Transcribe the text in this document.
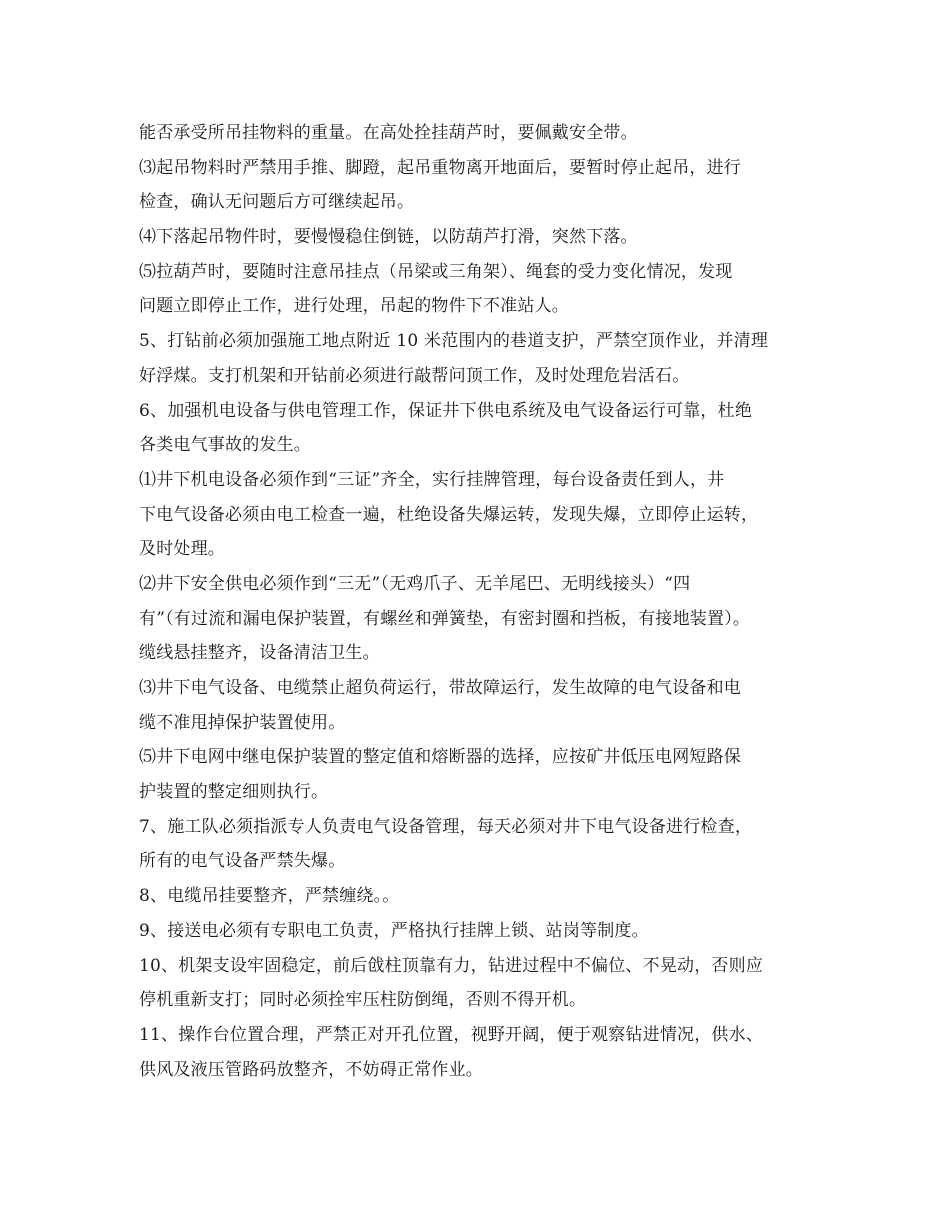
能否承受所吊挂物料的重量。在高处拴挂葫芦时，要佩戴安全带。
⑶起吊物料时严禁用手推、脚蹬，起吊重物离开地面后，要暂时停止起吊，进行
检查，确认无问题后方可继续起吊。
⑷下落起吊物件时，要慢慢稳住倒链，以防葫芦打滑，突然下落。
⑸拉葫芦时，要随时注意吊挂点（吊梁或三角架）、绳套的受力变化情况，发现
问题立即停止工作，进行处理，吊起的物件下不准站人。
5、打钻前必须加强施工地点附近 10 米范围内的巷道支护，严禁空顶作业，并清理
好浮煤。支打机架和开钻前必须进行敲帮问顶工作，及时处理危岩活石。
6、加强机电设备与供电管理工作，保证井下供电系统及电气设备运行可靠，杜绝
各类电气事故的发生。
⑴井下机电设备必须作到“三证”齐全，实行挂牌管理，每台设备责任到人，井
下电气设备必须由电工检查一遍，杜绝设备失爆运转，发现失爆，立即停止运转，
及时处理。
⑵井下安全供电必须作到“三无”（无鸡爪子、无羊尾巴、无明线接头）“四
有”（有过流和漏电保护装置，有螺丝和弹簧垫，有密封圈和挡板，有接地装置）。
缆线悬挂整齐，设备清洁卫生。
⑶井下电气设备、电缆禁止超负荷运行，带故障运行，发生故障的电气设备和电
缆不准甩掉保护装置使用。
⑸井下电网中继电保护装置的整定值和熔断器的选择，应按矿井低压电网短路保
护装置的整定细则执行。
7、施工队必须指派专人负责电气设备管理，每天必须对井下电气设备进行检查，
所有的电气设备严禁失爆。
8、电缆吊挂要整齐，严禁缠绕。。
9、接送电必须有专职电工负责，严格执行挂牌上锁、站岗等制度。
10、机架支设牢固稳定，前后戗柱顶靠有力，钻进过程中不偏位、不晃动，否则应
停机重新支打；同时必须拴牢压柱防倒绳，否则不得开机。
11、操作台位置合理，严禁正对开孔位置，视野开阔，便于观察钻进情况，供水、
供风及液压管路码放整齐，不妨碍正常作业。
